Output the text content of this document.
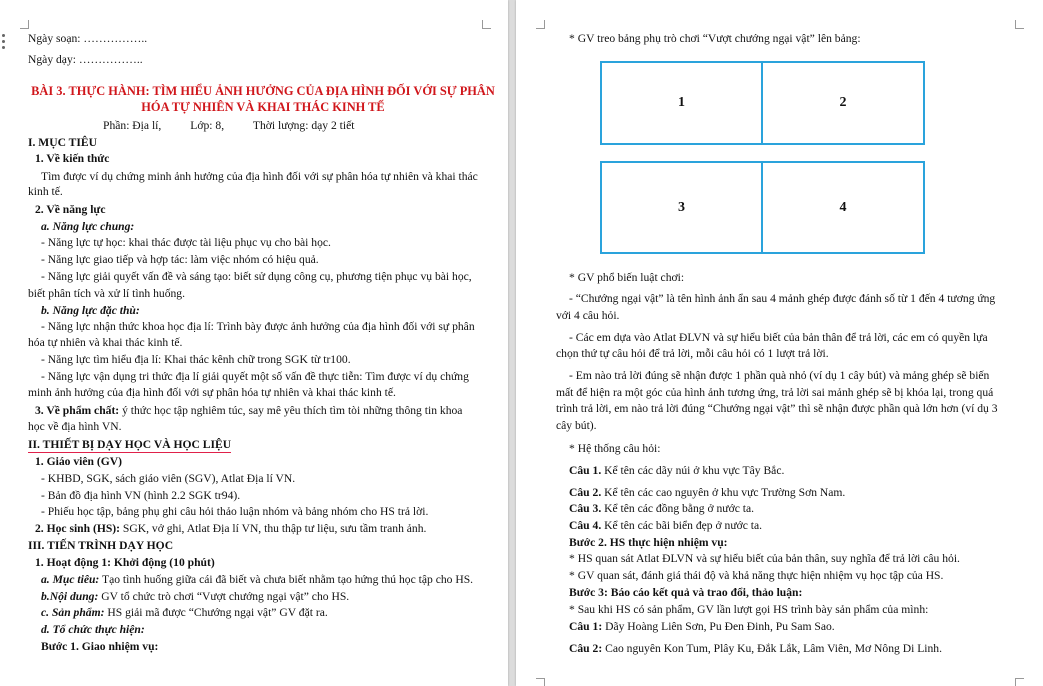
Ngày soạn: ……………..
Ngày dạy: ……………..
BÀI 3. THỰC HÀNH: TÌM HIỂU ẢNH HƯỞNG CỦA ĐỊA HÌNH ĐỐI VỚI SỰ PHÂN
HÓA TỰ NHIÊN VÀ KHAI THÁC KINH TẾ
Phần: Địa lí,          Lớp: 8,          Thời lượng: dạy 2 tiết
I. MỤC TIÊU
1. Về kiến thức
Tìm được ví dụ chứng minh ảnh hưởng của địa hình đối với sự phân hóa tự nhiên và khai thác
kinh tế.
2. Về năng lực
a. Năng lực chung:
- Năng lực tự học: khai thác được tài liệu phục vụ cho bài học.
- Năng lực giao tiếp và hợp tác: làm việc nhóm có hiệu quả.
- Năng lực giải quyết vấn đề và sáng tạo: biết sử dụng công cụ, phương tiện phục vụ bài học,
biết phân tích và xử lí tình huống.
b. Năng lực đặc thù:
- Năng lực nhận thức khoa học địa lí: Trình bày được ảnh hưởng của địa hình đối với sự phân
hóa tự nhiên và khai thác kinh tế.
- Năng lực tìm hiểu địa lí: Khai thác kênh chữ trong SGK từ tr100.
- Năng lực vận dụng tri thức địa lí giải quyết một số vấn đề thực tiễn: Tìm được ví dụ chứng
minh ảnh hưởng của địa hình đối với sự phân hóa tự nhiên và khai thác kinh tế.
3. Về phẩm chất: ý thức học tập nghiêm túc, say mê yêu thích tìm tòi những thông tin khoa
học về địa hình VN.
II. THIẾT BỊ DẠY HỌC VÀ HỌC LIỆU
1. Giáo viên (GV)
- KHBD, SGK, sách giáo viên (SGV), Atlat Địa lí VN.
- Bản đồ địa hình VN (hình 2.2 SGK tr94).
- Phiếu học tập, bảng phụ ghi câu hỏi thảo luận nhóm và bảng nhóm cho HS trả lời.
2. Học sinh (HS): SGK, vở ghi, Atlat Địa lí VN, thu thập tư liệu, sưu tầm tranh ảnh.
III. TIẾN TRÌNH DẠY HỌC
1. Hoạt động 1: Khởi động (10 phút)
a. Mục tiêu: Tạo tình huống giữa cái đã biết và chưa biết nhằm tạo hứng thú học tập cho HS.
b.Nội dung: GV tổ chức trò chơi “Vượt chướng ngại vật” cho HS.
c. Sản phẩm: HS giải mã được “Chướng ngại vật” GV đặt ra.
d. Tổ chức thực hiện:
Bước 1. Giao nhiệm vụ:
* GV treo bảng phụ trò chơi “Vượt chướng ngại vật” lên bảng:
1	2
3	4
* GV phổ biến luật chơi:
- “Chướng ngại vật” là tên hình ảnh ẩn sau 4 mảnh ghép được đánh số từ 1 đến 4 tương ứng
với 4 câu hỏi.
- Các em dựa vào Atlat ĐLVN và sự hiểu biết của bản thân để trả lời, các em có quyền lựa
chọn thứ tự câu hỏi để trả lời, mỗi câu hỏi có 1 lượt trả lời.
- Em nào trả lời đúng sẽ nhận được 1 phần quà nhỏ (ví dụ 1 cây bút) và mảng ghép sẽ biến
mất để hiện ra một góc của hình ảnh tương ứng, trả lời sai mảnh ghép sẽ bị khóa lại, trong quá
trình trả lời, em nào trả lời đúng “Chướng ngại vật” thì sẽ nhận được phần quà lớn hơn (ví dụ 3
cây bút).
* Hệ thống câu hỏi:
Câu 1. Kể tên các dãy núi ở khu vực Tây Bắc.
Câu 2. Kể tên các cao nguyên ở khu vực Trường Sơn Nam.
Câu 3. Kể tên các đồng bằng ở nước ta.
Câu 4. Kể tên các bãi biển đẹp ở nước ta.
Bước 2. HS thực hiện nhiệm vụ:
* HS quan sát Atlat ĐLVN và sự hiểu biết của bản thân, suy nghĩa để trả lời câu hỏi.
* GV quan sát, đánh giá thái độ và khả năng thực hiện nhiệm vụ học tập của HS.
Bước 3: Báo cáo kết quả và trao đổi, thảo luận:
* Sau khi HS có sản phẩm, GV lần lượt gọi HS trình bày sản phẩm của mình:
Câu 1: Dãy Hoàng Liên Sơn, Pu Đen Đinh, Pu Sam Sao.
Câu 2: Cao nguyên Kon Tum, Plây Ku, Đắk Lắk, Lâm Viên, Mơ Nông Di Linh.
